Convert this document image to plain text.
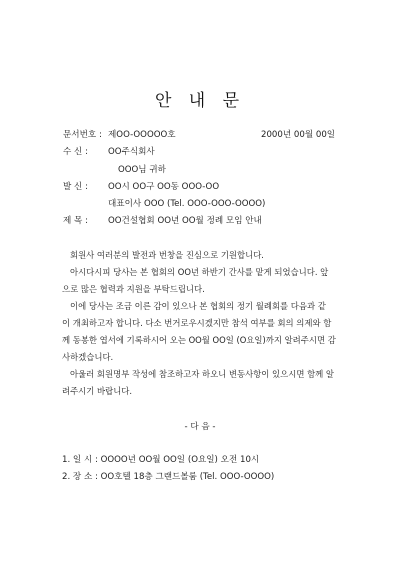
안 내 문
문서번호 : 제OO-OOOOO호	2000년 00월 00일
수 신 : OO주식회사
OOO님 귀하
발 신 : OO시 OO구 OO동 OOO-OO
대표이사 OOO (Tel. OOO-OOO-OOOO)
제 목 : OO건설협회 OO년 OO월 정례 모임 안내
회원사 여러분의 발전과 번창을 진심으로 기원합니다.
아시다시피 당사는 본 협회의 OO년 하반기 간사를 맡게 되었습니다. 앞
으로 많은 협력과 지원을 부탁드립니다.
이에 당사는 조금 이른 감이 있으나 본 협회의 정기 월례회를 다음과 같
이 개최하고자 합니다. 다소 번거로우시겠지만 참석 여부를 회의 의제와 함
께 동봉한 엽서에 기록하시어 오는 OO월 OO일 (O요일)까지 알려주시면 감
사하겠습니다.
아울러 회원명부 작성에 참조하고자 하오니 변동사항이 있으시면 함께 알
려주시기 바랍니다.
- 다 음 -
1. 일 시 : OOOO년 OO월 OO일 (O요일) 오전 10시
2. 장 소 : OO호텔 18층 그랜드볼룸 (Tel. OOO-OOOO)
